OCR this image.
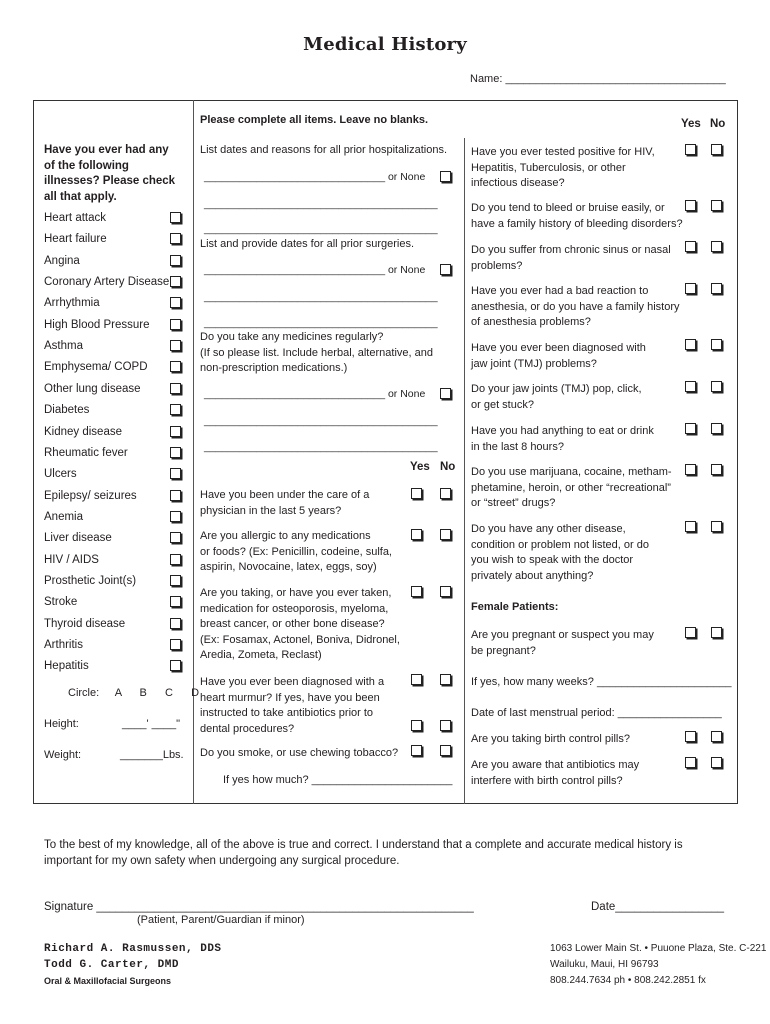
Medical History
Name: ____________________________________
Have you ever had any
of the following
illnesses? Please check
all that apply.
Heart attack
Heart failure
Angina
Coronary Artery Disease
Arrhythmia
High Blood Pressure
Asthma
Emphysema/ COPD
Other lung disease
Diabetes
Kidney disease
Rheumatic fever
Ulcers
Epilepsy/ seizures
Anemia
Liver disease
HIV / AIDS
Prosthetic Joint(s)
Stroke
Thyroid disease
Arthritis
Hepatitis
Circle: A B C D
Height:	____' ____"
Weight:	_______Lbs.
Please complete all items. Leave no blanks.
List dates and reasons for all prior hospitalizations.
_______________________________ or None
________________________________________
________________________________________
List and provide dates for all prior surgeries.
_______________________________ or None
________________________________________
________________________________________
Do you take any medicines regularly?
(If so please list. Include herbal, alternative, and
non-prescription medications.)
_______________________________ or None
________________________________________
________________________________________
Yes No
Have you been under the care of a
physician in the last 5 years?
Are you allergic to any medications
or foods? (Ex: Penicillin, codeine, sulfa,
aspirin, Novocaine, latex, eggs, soy)
Are you taking, or have you ever taken,
medication for osteoporosis, myeloma,
breast cancer, or other bone disease?
(Ex: Fosamax, Actonel, Boniva, Didronel,
Aredia, Zometa, Reclast)
Have you ever been diagnosed with a
heart murmur? If yes, have you been
instructed to take antibiotics prior to
dental procedures?
Do you smoke, or use chewing tobacco?
If yes how much? _______________________
Yes No
Have you ever tested positive for HIV,
Hepatitis, Tuberculosis, or other
infectious disease?
Do you tend to bleed or bruise easily, or
have a family history of bleeding disorders?
Do you suffer from chronic sinus or nasal
problems?
Have you ever had a bad reaction to
anesthesia, or do you have a family history
of anesthesia problems?
Have you ever been diagnosed with
jaw joint (TMJ) problems?
Do your jaw joints (TMJ) pop, click,
or get stuck?
Have you had anything to eat or drink
in the last 8 hours?
Do you use marijuana, cocaine, metham-
phetamine, heroin, or other “recreational”
or “street” drugs?
Do you have any other disease,
condition or problem not listed, or do
you wish to speak with the doctor
privately about anything?
Female Patients:
Are you pregnant or suspect you may
be pregnant?
If yes, how many weeks? ______________________
Date of last menstrual period: _________________
Are you taking birth control pills?
Are you aware that antibiotics may
interfere with birth control pills?
To the best of my knowledge, all of the above is true and correct. I understand that a complete and accurate medical history is
important for my own safety when undergoing any surgical procedure.
Signature ___________________________________________________________
(Patient, Parent/Guardian if minor)
Date_________________
Richard A. Rasmussen, DDS
Todd G. Carter, DMD
Oral & Maxillofacial Surgeons
1063 Lower Main St. • Puuone Plaza, Ste. C-221
Wailuku, Maui, HI 96793
808.244.7634 ph • 808.242.2851 fx
